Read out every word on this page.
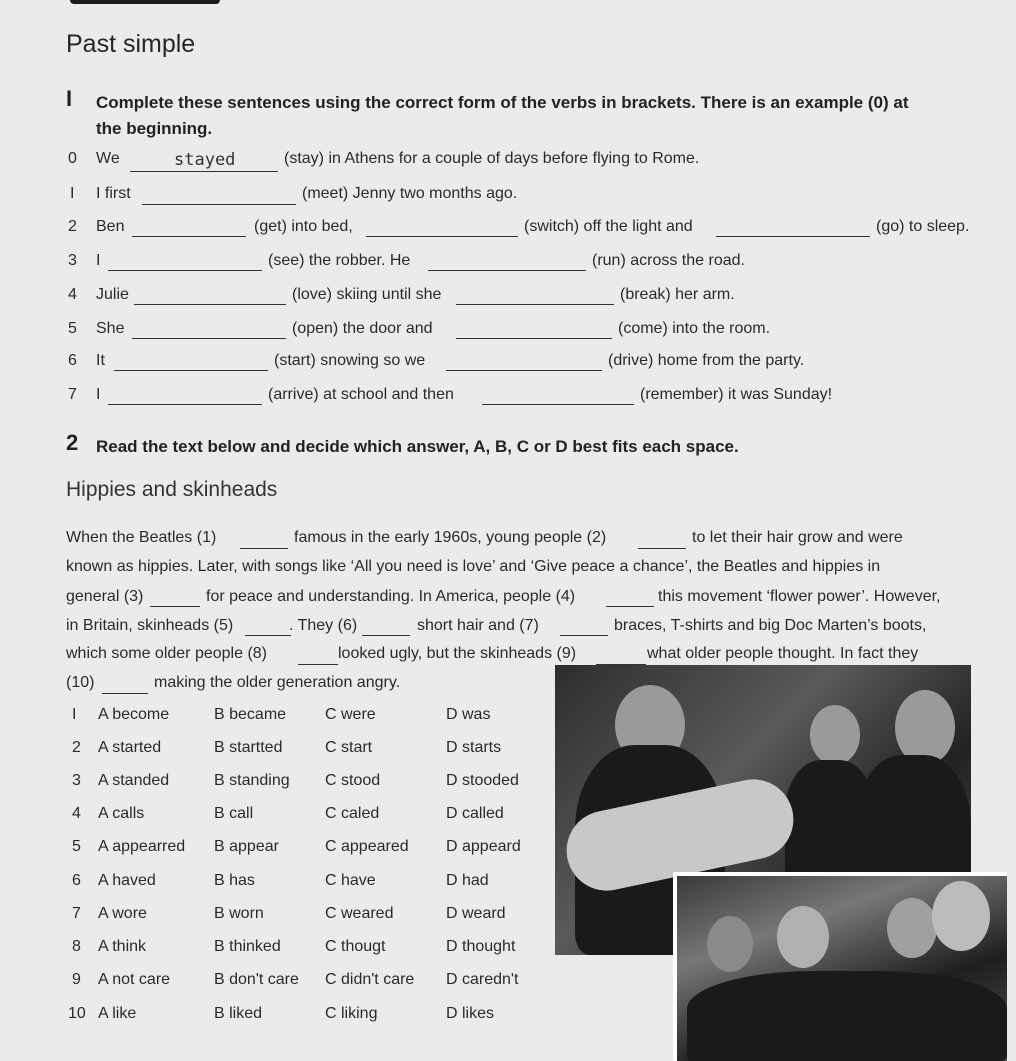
Past simple
I Complete these sentences using the correct form of the verbs in brackets. There is an example (0) at
the beginning.
0 We	stayed	(stay) in Athens for a couple of days before flying to Rome.
I I first	(meet) Jenny two months ago.
2 Ben	(get) into bed,	(switch) off the light and	(go) to sleep.
3 I	(see) the robber. He	(run) across the road.
4 Julie	(love) skiing until she	(break) her arm.
5 She	(open) the door and	(come) into the room.
6 It	(start) snowing so we	(drive) home from the party.
7 I	(arrive) at school and then	(remember) it was Sunday!
2 Read the text below and decide which answer, A, B, C or D best fits each space.
Hippies and skinheads
When the Beatles (1)	famous in the early 1960s, young people (2)	to let their hair grow and were
known as hippies. Later, with songs like ‘All you need is love’ and ‘Give peace a chance’, the Beatles and hippies in
general (3)	for peace and understanding. In America, people (4)	this movement ‘flower power’. However,
in Britain, skinheads (5)	. They (6)	short hair and (7)	braces, T-shirts and big Doc Marten’s boots,
which some older people (8)	looked ugly, but the skinheads (9)	what older people thought. In fact they
(10)	making the older generation angry.
I A become	B became C were	D was
2 A started	B startted	C start	D starts
3 A standed	B standing C stood	D stooded
4 A calls	B call	C caled	D called
5 A appearred B appear	C appeared D appeard
6 A haved	B has	C have	D had
7 A wore	B worn	C weared	D weard
8 A think	B thinked	C thougt	D thought
9 A not care	B don't care C didn't care D caredn't
10 A like	B liked	C liking	D likes
